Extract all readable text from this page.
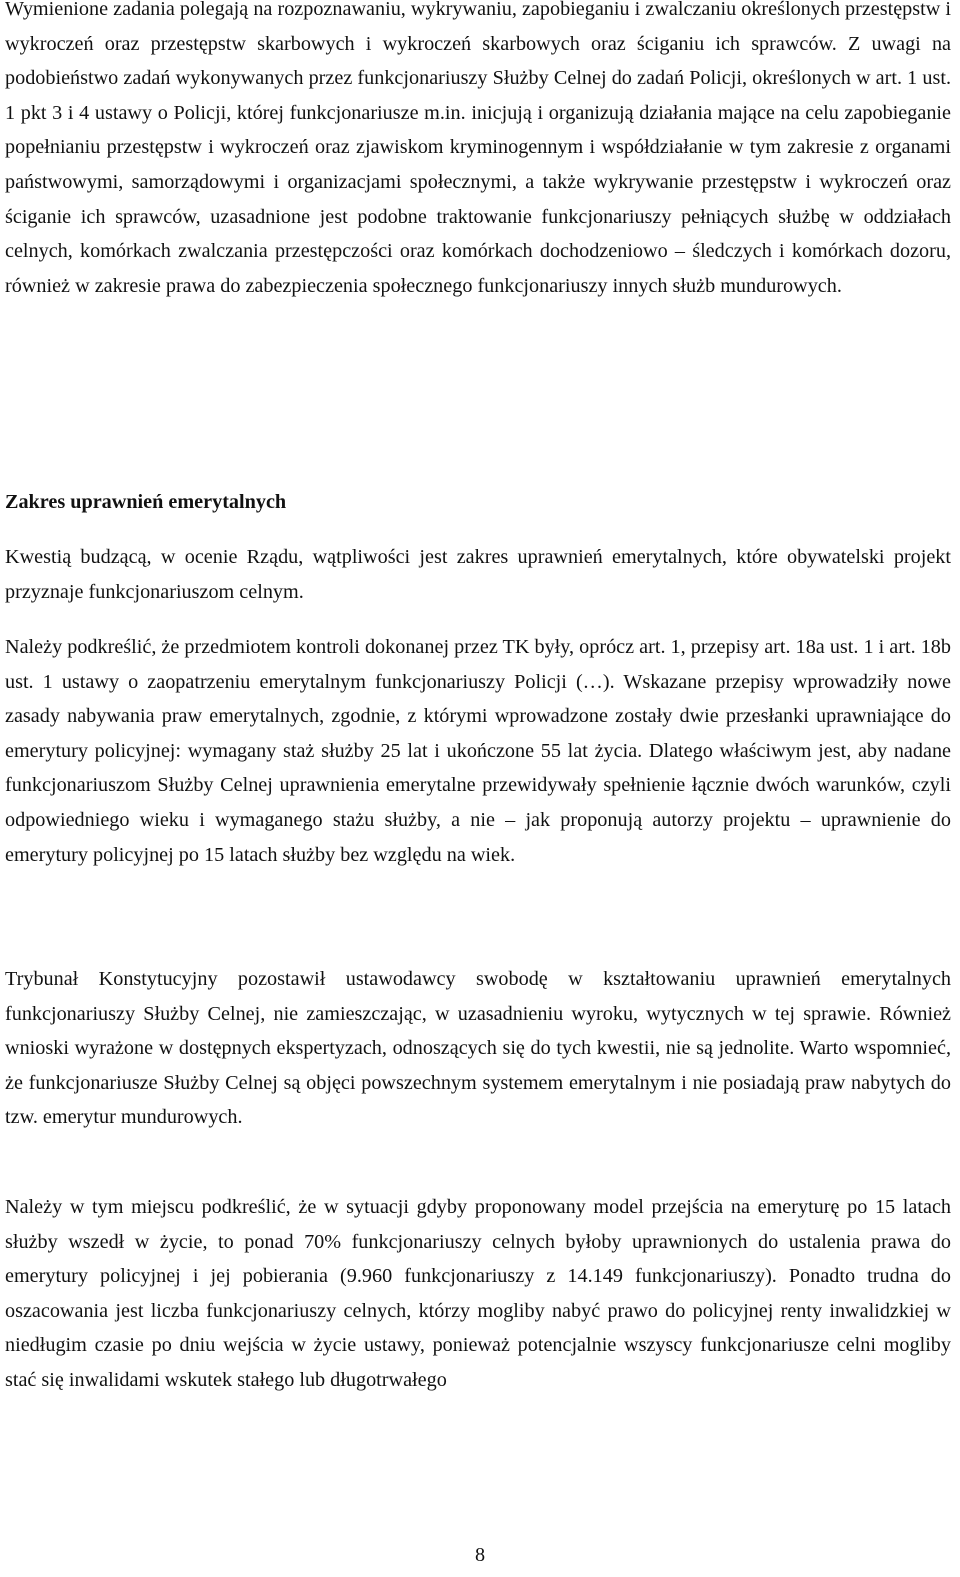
Wymienione zadania polegają na rozpoznawaniu, wykrywaniu, zapobieganiu i zwalczaniu określonych przestępstw i wykroczeń oraz przestępstw skarbowych i wykroczeń skarbowych oraz ściganiu ich sprawców. Z uwagi na podobieństwo zadań wykonywanych przez funkcjonariuszy Służby Celnej do zadań Policji, określonych w art. 1 ust. 1 pkt 3 i 4 ustawy o Policji, której funkcjonariusze m.in. inicjują i organizują działania mające na celu zapobieganie popełnianiu przestępstw i wykroczeń oraz zjawiskom kryminogennym i współdziałanie w tym zakresie z organami państwowymi, samorządowymi i organizacjami społecznymi, a także wykrywanie przestępstw i wykroczeń oraz ściganie ich sprawców, uzasadnione jest podobne traktowanie funkcjonariuszy pełniących służbę w oddziałach celnych, komórkach zwalczania przestępczości oraz komórkach dochodzeniowo – śledczych i komórkach dozoru, również w zakresie prawa do zabezpieczenia społecznego funkcjonariuszy innych służb mundurowych.

Zakres uprawnień emerytalnych

Kwestią budzącą, w ocenie Rządu, wątpliwości jest zakres uprawnień emerytalnych, które obywatelski projekt przyznaje funkcjonariuszom celnym.

Należy podkreślić, że przedmiotem kontroli dokonanej przez TK były, oprócz art. 1, przepisy art. 18a ust. 1 i art. 18b ust. 1 ustawy o zaopatrzeniu emerytalnym funkcjonariuszy Policji (…). Wskazane przepisy wprowadziły nowe zasady nabywania praw emerytalnych, zgodnie, z którymi wprowadzone zostały dwie przesłanki uprawniające do emerytury policyjnej: wymagany staż służby 25 lat i ukończone 55 lat życia. Dlatego właściwym jest, aby nadane funkcjonariuszom Służby Celnej uprawnienia emerytalne przewidywały spełnienie łącznie dwóch warunków, czyli odpowiedniego wieku i wymaganego stażu służby, a nie – jak proponują autorzy projektu – uprawnienie do emerytury policyjnej po 15 latach służby bez względu na wiek.

Trybunał Konstytucyjny pozostawił ustawodawcy swobodę w kształtowaniu uprawnień emerytalnych funkcjonariuszy Służby Celnej, nie zamieszczając, w uzasadnieniu wyroku, wytycznych w tej sprawie. Również wnioski wyrażone w dostępnych ekspertyzach, odnoszących się do tych kwestii, nie są jednolite. Warto wspomnieć, że funkcjonariusze Służby Celnej są objęci powszechnym systemem emerytalnym i nie posiadają praw nabytych do tzw. emerytur mundurowych.

Należy w tym miejscu podkreślić, że w sytuacji gdyby proponowany model przejścia na emeryturę po 15 latach służby wszedł w życie, to ponad 70% funkcjonariuszy celnych byłoby uprawnionych do ustalenia prawa do emerytury policyjnej i jej pobierania (9.960 funkcjonariuszy z 14.149 funkcjonariuszy). Ponadto trudna do oszacowania jest liczba funkcjonariuszy celnych, którzy mogliby nabyć prawo do policyjnej renty inwalidzkiej w niedługim czasie po dniu wejścia w życie ustawy, ponieważ potencjalnie wszyscy funkcjonariusze celni mogliby stać się inwalidami wskutek stałego lub długotrwałego

8
